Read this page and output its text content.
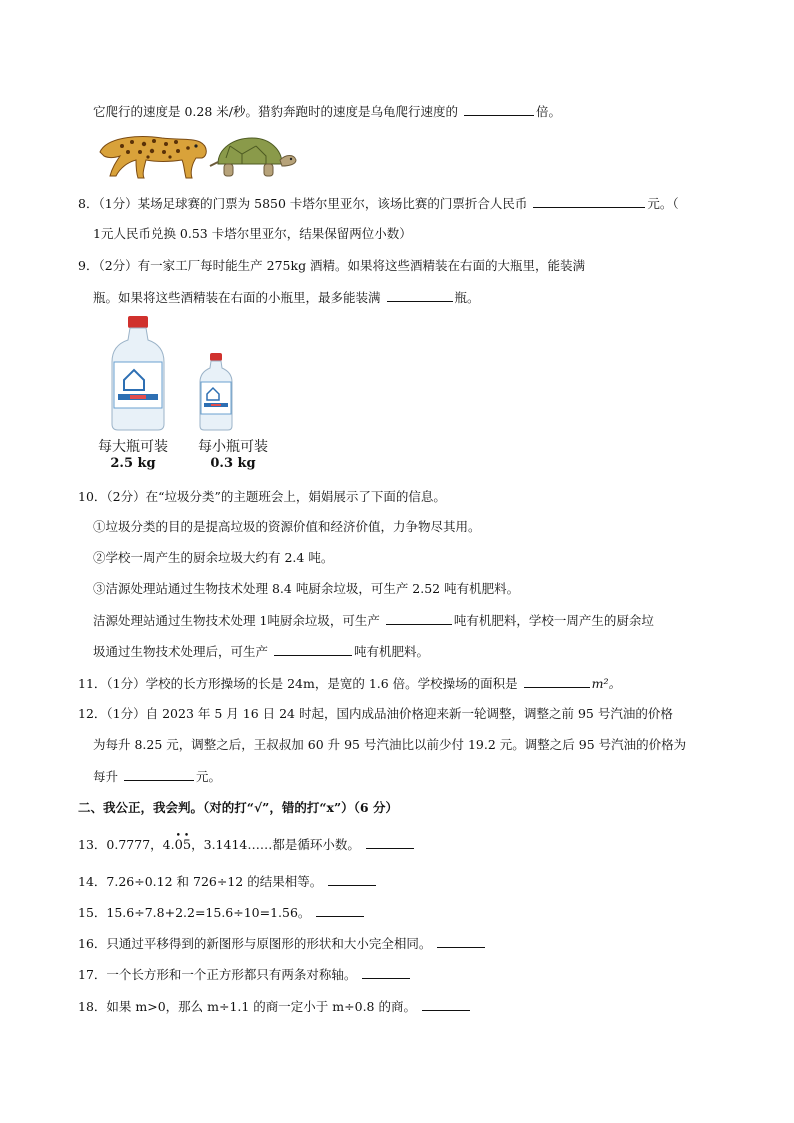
它爬行的速度是 0.28 米/秒。猎豹奔跑时的速度是乌龟爬行速度的	倍。
8．（1分）某场足球赛的门票为 5850 卡塔尔里亚尔，该场比赛的门票折合人民币	元。（
1元人民币兑换 0.53 卡塔尔里亚尔，结果保留两位小数）
9．（2分）有一家工厂每时能生产 275kg 酒精。如果将这些酒精装在右面的大瓶里，能装满
瓶。如果将这些酒精装在右面的小瓶里，最多能装满	瓶。
每大瓶可装
2.5 kg
每小瓶可装
0.3 kg
10．（2分）在“垃圾分类”的主题班会上，娟娟展示了下面的信息。
①垃圾分类的目的是提高垃圾的资源价值和经济价值，力争物尽其用。
②学校一周产生的厨余垃圾大约有 2.4 吨。
③洁源处理站通过生物技术处理 8.4 吨厨余垃圾，可生产 2.52 吨有机肥料。
洁源处理站通过生物技术处理 1吨厨余垃圾，可生产	吨有机肥料，学校一周产生的厨余垃
圾通过生物技术处理后，可生产	吨有机肥料。
11．（1分）学校的长方形操场的长是 24m，是宽的 1.6 倍。学校操场的面积是	m²。
12．（1分）自 2023 年 5 月 16 日 24 时起，国内成品油价格迎来新一轮调整，调整之前 95 号汽油的价格
为每升 8.25 元，调整之后，王叔叔加 60 升 95 号汽油比以前少付 19.2 元。调整之后 95 号汽油的价格为
每升	元。
二、我公正，我会判。（对的打“√”，错的打“x”）（6 分）
13．0.7777，4.
••
05，3.1414……都是循环小数。
14．7.26÷0.12 和 726÷12 的结果相等。
15．15.6÷7.8+2.2=15.6÷10=1.56。
16．只通过平移得到的新图形与原图形的形状和大小完全相同。
17．一个长方形和一个正方形都只有两条对称轴。
18．如果 m>0，那么 m÷1.1 的商一定小于 m÷0.8 的商。
